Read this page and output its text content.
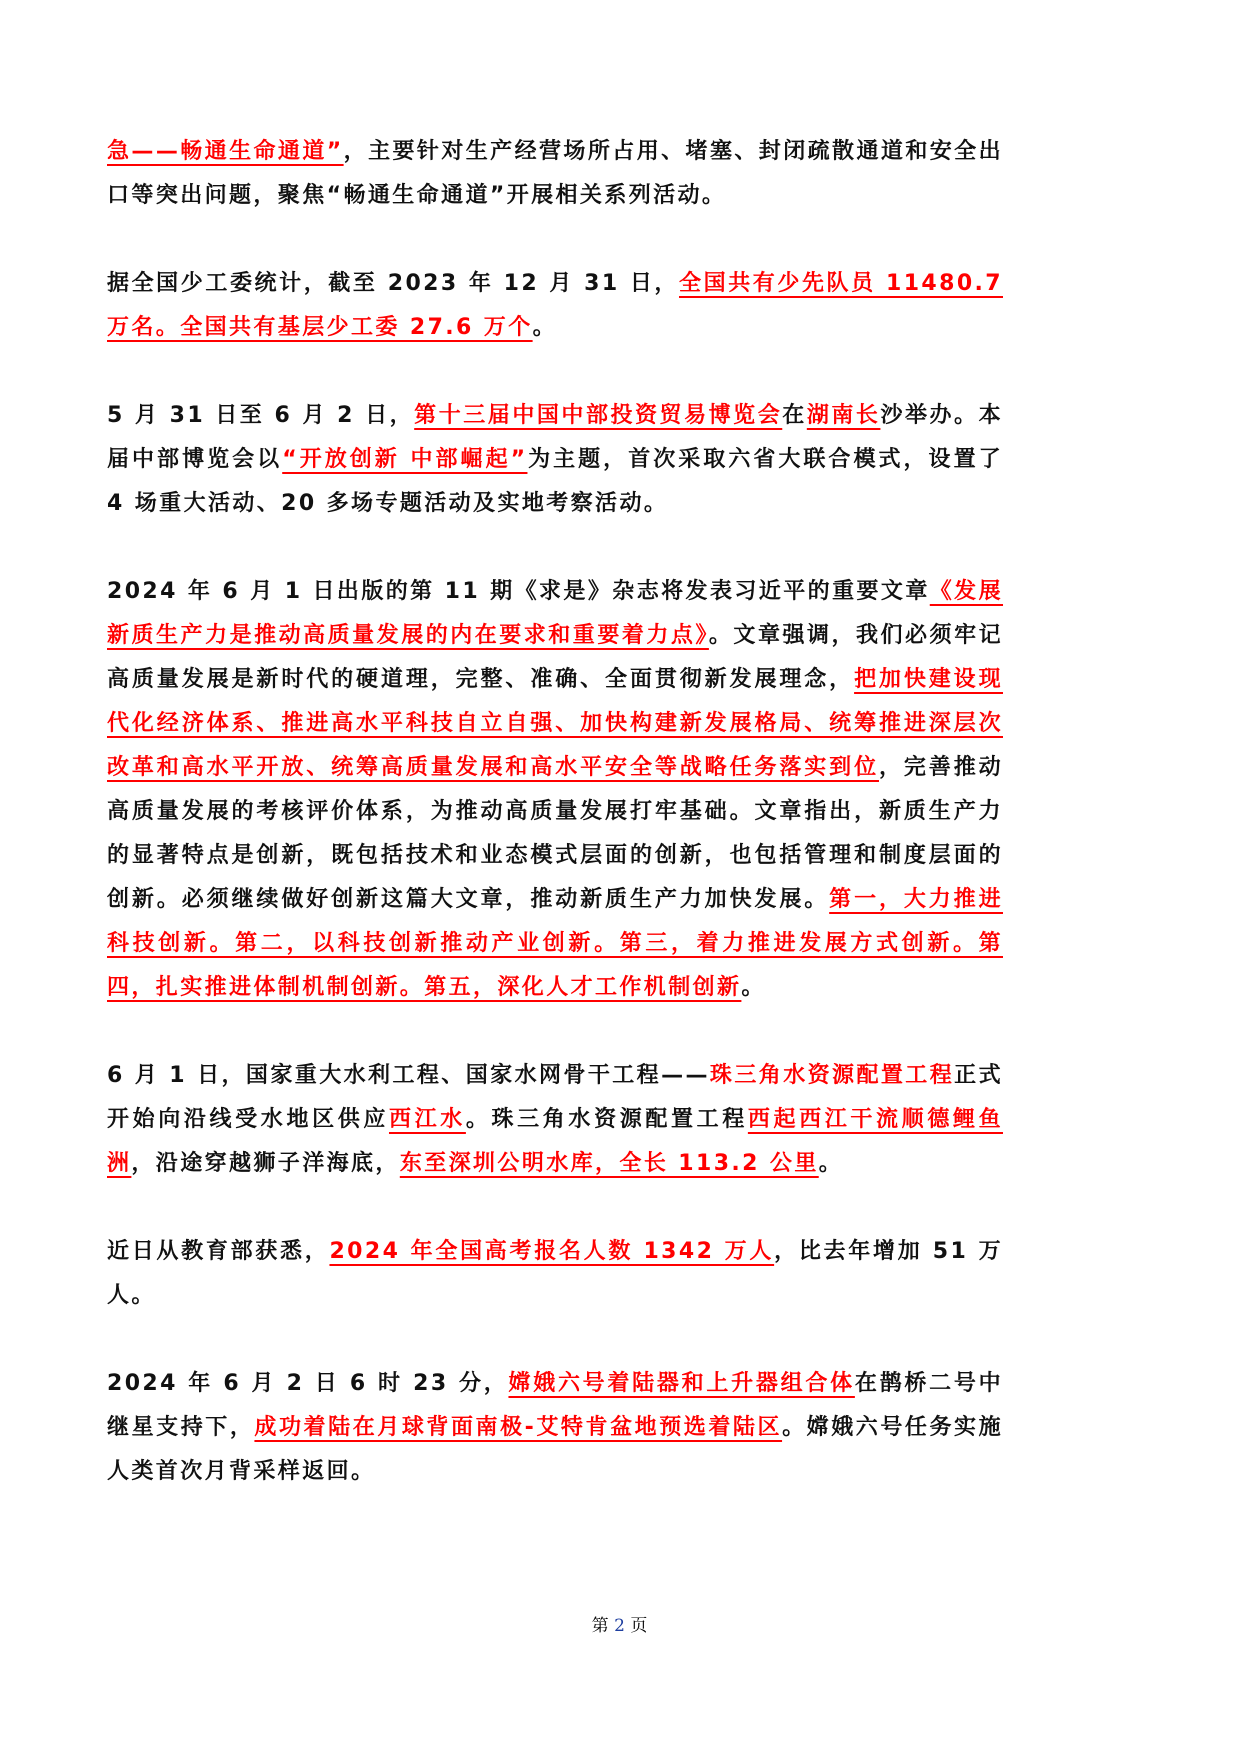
急——畅通生命通道”，主要针对生产经营场所占用、堵塞、封闭疏散通道和安全出口等突出问题，聚焦“畅通生命通道”开展相关系列活动。
据全国少工委统计，截至 2023 年 12 月 31 日，全国共有少先队员 11480.7 万名。全国共有基层少工委 27.6 万个。
5 月 31 日至 6 月 2 日，第十三届中国中部投资贸易博览会在湖南长沙举办。本届中部博览会以“开放创新 中部崛起”为主题，首次采取六省大联合模式，设置了 4 场重大活动、20 多场专题活动及实地考察活动。
2024 年 6 月 1 日出版的第 11 期《求是》杂志将发表习近平的重要文章《发展新质生产力是推动高质量发展的内在要求和重要着力点》。文章强调，我们必须牢记高质量发展是新时代的硬道理，完整、准确、全面贯彻新发展理念，把加快建设现代化经济体系、推进高水平科技自立自强、加快构建新发展格局、统筹推进深层次改革和高水平开放、统筹高质量发展和高水平安全等战略任务落实到位，完善推动高质量发展的考核评价体系，为推动高质量发展打牢基础。文章指出，新质生产力的显著特点是创新，既包括技术和业态模式层面的创新，也包括管理和制度层面的创新。必须继续做好创新这篇大文章，推动新质生产力加快发展。第一，大力推进科技创新。第二，以科技创新推动产业创新。第三，着力推进发展方式创新。第四，扎实推进体制机制创新。第五，深化人才工作机制创新。
6 月 1 日，国家重大水利工程、国家水网骨干工程——珠三角水资源配置工程正式开始向沿线受水地区供应西江水。珠三角水资源配置工程西起西江干流顺德鲤鱼洲，沿途穿越狮子洋海底，东至深圳公明水库，全长 113.2 公里。
近日从教育部获悉，2024 年全国高考报名人数 1342 万人，比去年增加 51 万人。
2024 年 6 月 2 日 6 时 23 分，嫦娥六号着陆器和上升器组合体在鹊桥二号中继星支持下，成功着陆在月球背面南极-艾特肯盆地预选着陆区。嫦娥六号任务实施人类首次月背采样返回。
第 2 页
